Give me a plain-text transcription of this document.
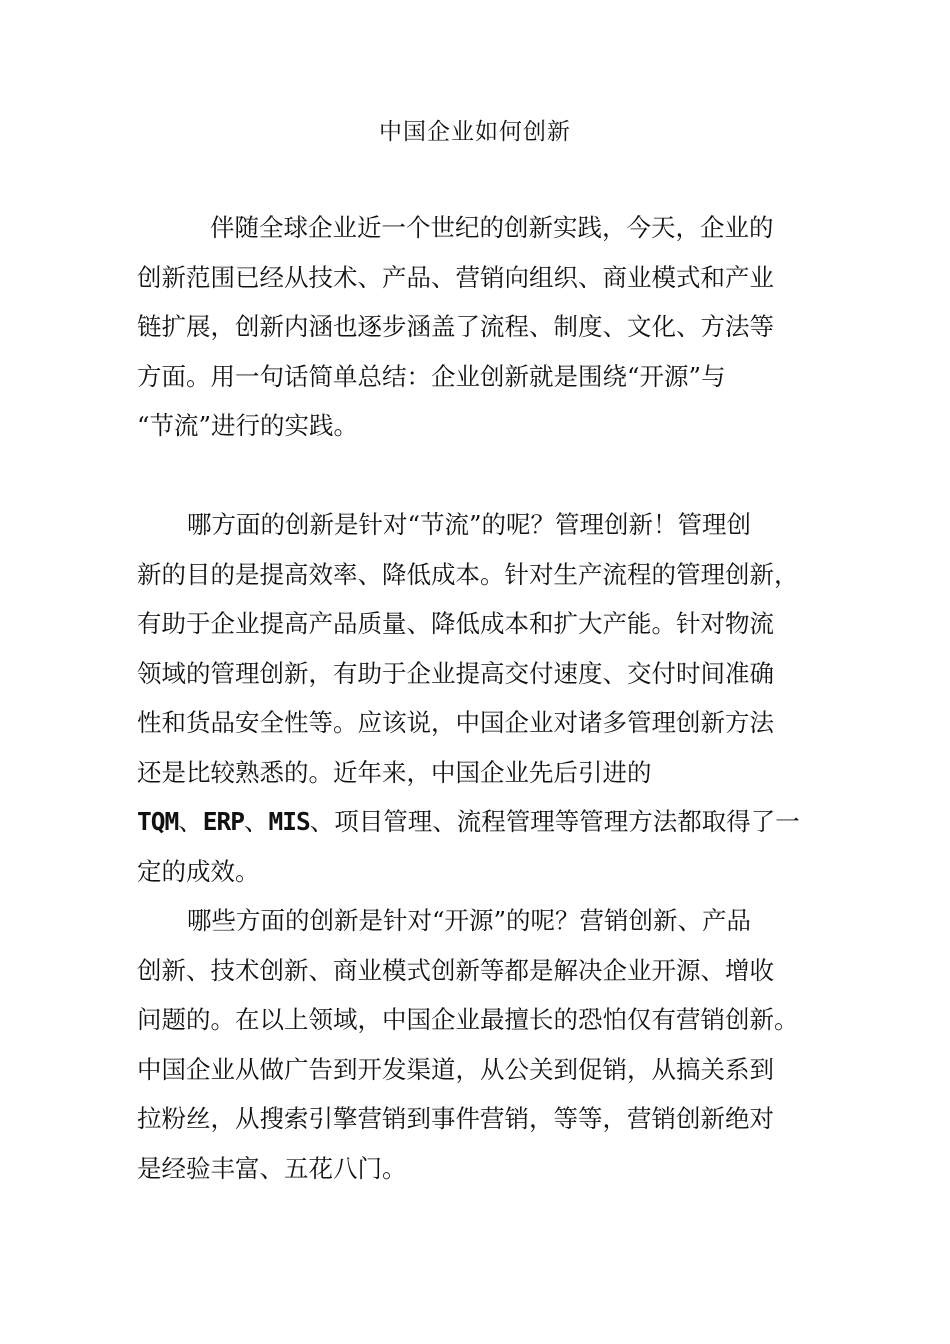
中国企业如何创新
伴随全球企业近一个世纪的创新实践，今天，企业的
创新范围已经从技术、产品、营销向组织、商业模式和产业
链扩展，创新内涵也逐步涵盖了流程、制度、文化、方法等
方面。用一句话简单总结：企业创新就是围绕“开源”与
“节流”进行的实践。
哪方面的创新是针对“节流”的呢？管理创新！管理创
新的目的是提高效率、降低成本。针对生产流程的管理创新，
有助于企业提高产品质量、降低成本和扩大产能。针对物流
领域的管理创新，有助于企业提高交付速度、交付时间准确
性和货品安全性等。应该说，中国企业对诸多管理创新方法
还是比较熟悉的。近年来，中国企业先后引进的
TQM、ERP、MIS、项目管理、流程管理等管理方法都取得了一
定的成效。
哪些方面的创新是针对“开源”的呢？营销创新、产品
创新、技术创新、商业模式创新等都是解决企业开源、增收
问题的。在以上领域，中国企业最擅长的恐怕仅有营销创新。
中国企业从做广告到开发渠道，从公关到促销，从搞关系到
拉粉丝，从搜索引擎营销到事件营销，等等，营销创新绝对
是经验丰富、五花八门。
